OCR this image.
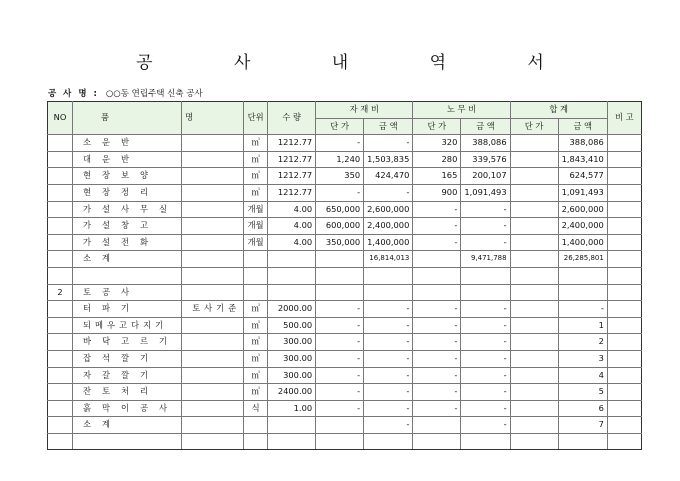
공 사 내 역 서
공 사 명 : ○○동 연립주택 신축 공사
NO	품	명	단위	수 량	자 재 비		노 무 비		합 계		비 고
					단 가	금 액	단 가	금 액	단 가	금 액	
	소운반		㎥	1212.77	-	-	320	388,086		388,086	
	대운반		㎥	1212.77	1,240	1,503,835	280	339,576		1,843,410	
	현장보양		㎥	1212.77	350	424,470	165	200,107		624,577	
	현장정리		㎥	1212.77	-	-	900	1,091,493		1,091,493	
	가설사무실		개월	4.00	650,000	2,600,000	-	-		2,600,000	
	가설창고		개월	4.00	600,000	2,400,000	-	-		2,400,000	
	가설전화		개월	4.00	350,000	1,400,000	-	-		1,400,000	
	소계					16,814,013		9,471,788		26,285,801	

2	토공사										
	터파기	토사기준	㎥	2000.00	-	-	-	-		-	
	되메우고다지기		㎥	500.00	-	-	-	-		1	
	바닥고르기		㎥	300.00	-	-	-	-		2	
	잡석깔기		㎥	300.00	-	-	-	-		3	
	자갈깔기		㎥	300.00	-	-	-	-		4	
	잔토처리		㎥	2400.00	-	-	-	-		5	
	흙막이공사		식	1.00	-	-	-	-		6	
	소계					-		-		7	
